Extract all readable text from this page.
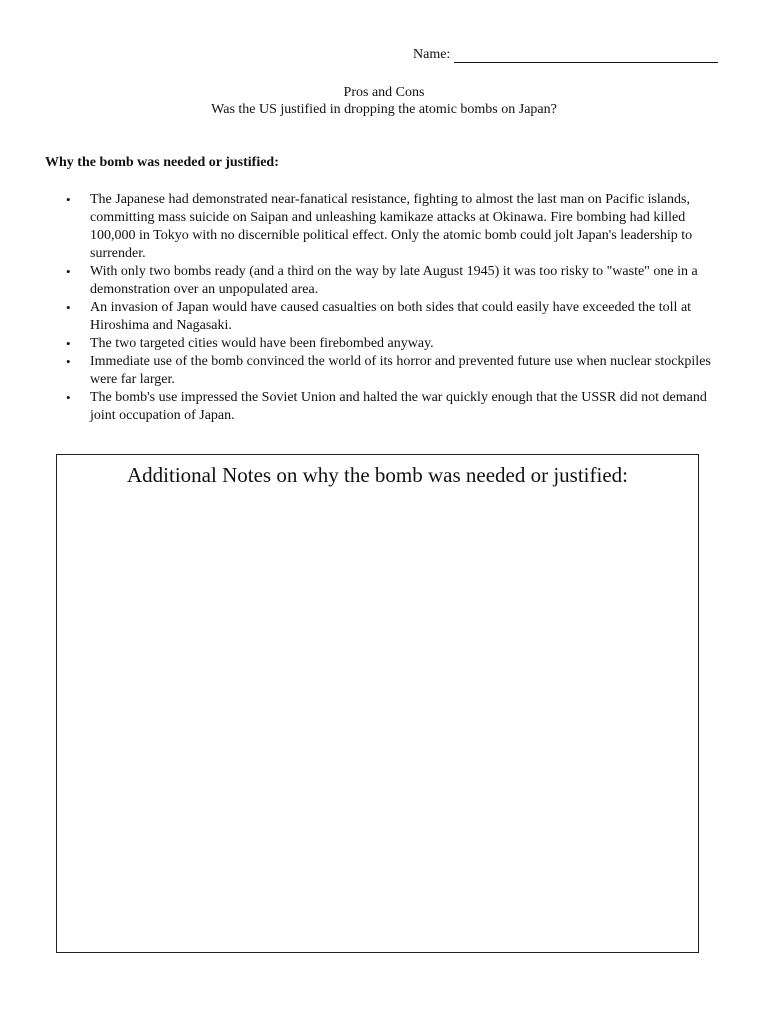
Name:
Pros and Cons
Was the US justified in dropping the atomic bombs on Japan?
Why the bomb was needed or justified:
• The Japanese had demonstrated near-fanatical resistance, fighting to almost the last man on Pacific islands, committing mass suicide on Saipan and unleashing kamikaze attacks at Okinawa. Fire bombing had killed 100,000 in Tokyo with no discernible political effect. Only the atomic bomb could jolt Japan's leadership to surrender.
• With only two bombs ready (and a third on the way by late August 1945) it was too risky to "waste" one in a demonstration over an unpopulated area.
• An invasion of Japan would have caused casualties on both sides that could easily have exceeded the toll at Hiroshima and Nagasaki.
• The two targeted cities would have been firebombed anyway.
• Immediate use of the bomb convinced the world of its horror and prevented future use when nuclear stockpiles were far larger.
• The bomb's use impressed the Soviet Union and halted the war quickly enough that the USSR did not demand joint occupation of Japan.
Additional Notes on why the bomb was needed or justified:
